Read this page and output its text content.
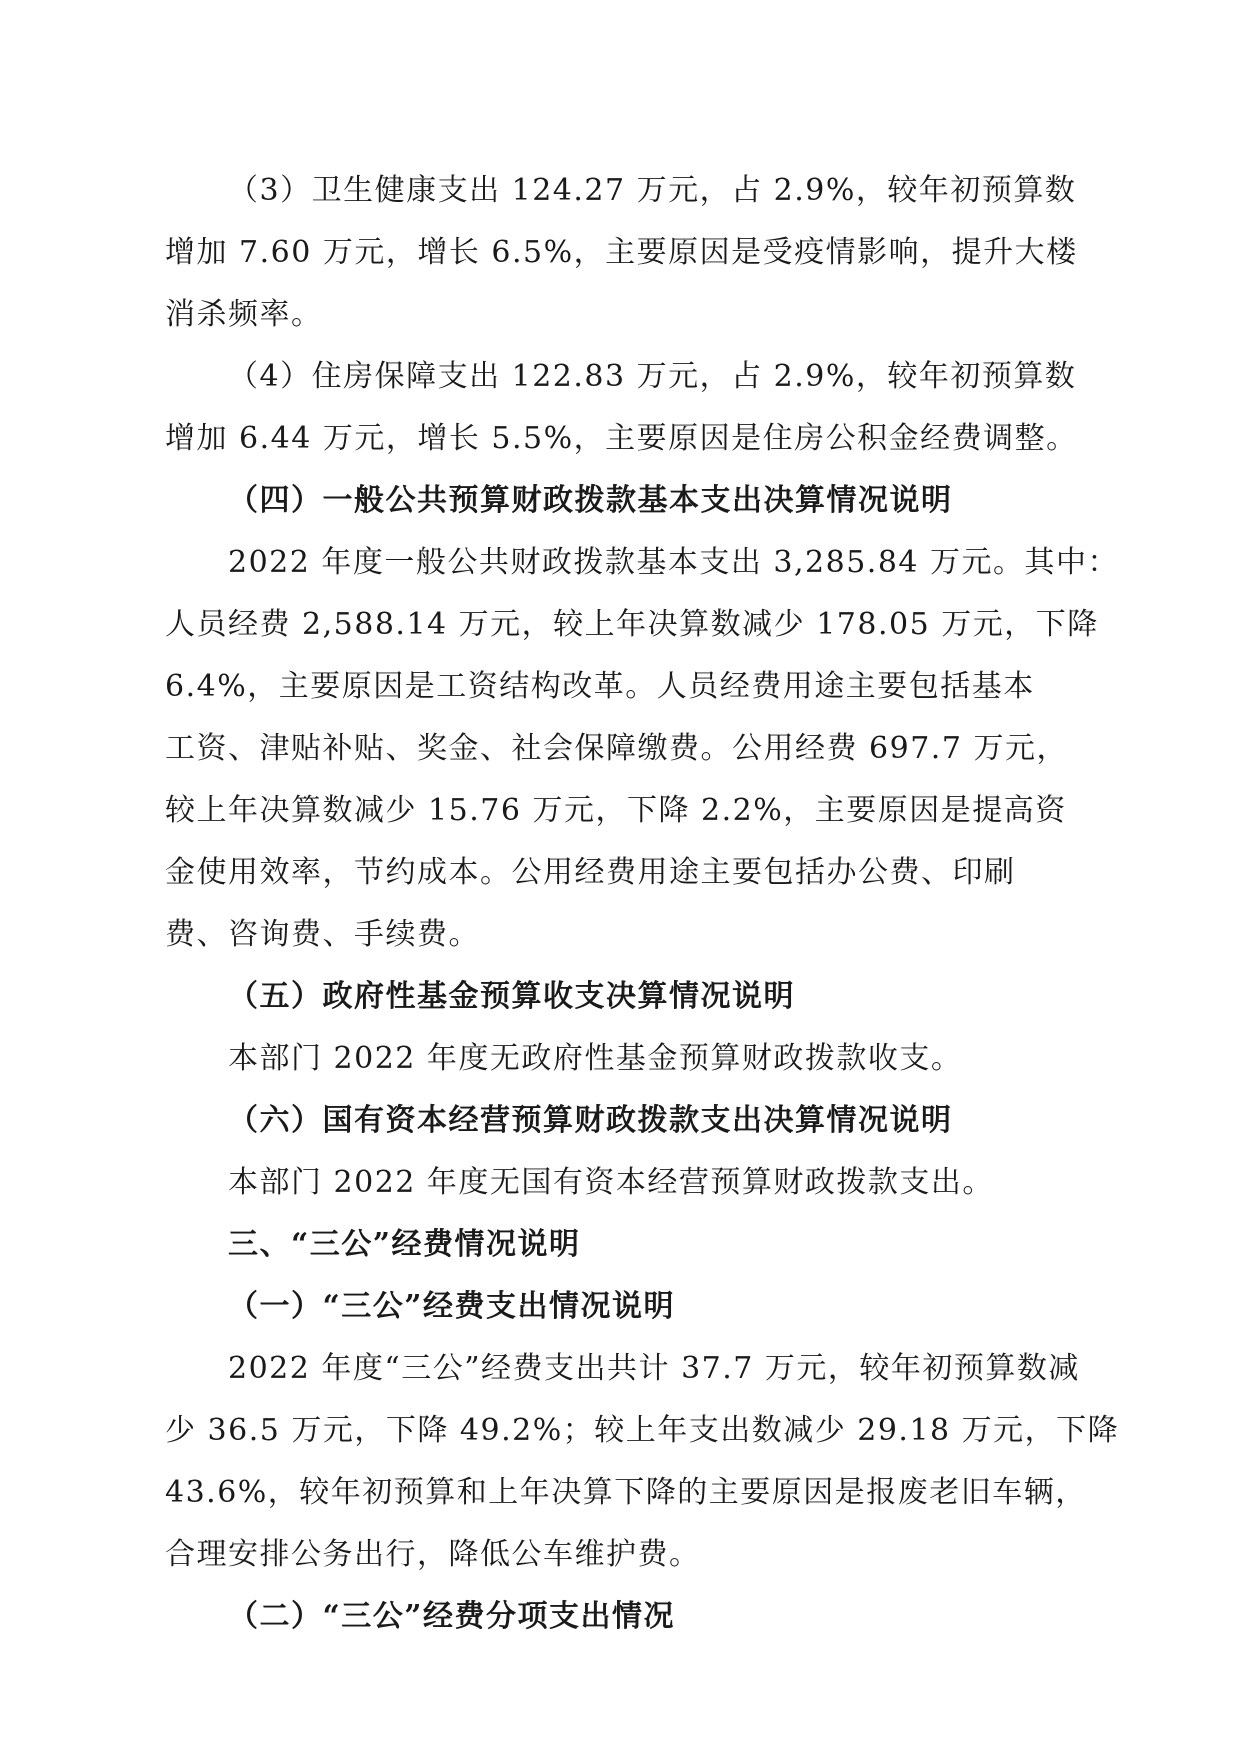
（3）卫生健康支出 124.27 万元，占 2.9%，较年初预算数
增加 7.60 万元，增长 6.5%，主要原因是受疫情影响，提升大楼
消杀频率。
（4）住房保障支出 122.83 万元，占 2.9%，较年初预算数
增加 6.44 万元，增长 5.5%，主要原因是住房公积金经费调整。
（四）一般公共预算财政拨款基本支出决算情况说明
2022 年度一般公共财政拨款基本支出 3,285.84 万元。其中：
人员经费 2,588.14 万元，较上年决算数减少 178.05 万元，下降
6.4%，主要原因是工资结构改革。人员经费用途主要包括基本
工资、津贴补贴、奖金、社会保障缴费。公用经费 697.7 万元，
较上年决算数减少 15.76 万元，下降 2.2%，主要原因是提高资
金使用效率，节约成本。公用经费用途主要包括办公费、印刷
费、咨询费、手续费。
（五）政府性基金预算收支决算情况说明
本部门 2022 年度无政府性基金预算财政拨款收支。
（六）国有资本经营预算财政拨款支出决算情况说明
本部门 2022 年度无国有资本经营预算财政拨款支出。
三、“三公”经费情况说明
（一）“三公”经费支出情况说明
2022 年度“三公”经费支出共计 37.7 万元，较年初预算数减
少 36.5 万元，下降 49.2%；较上年支出数减少 29.18 万元，下降
43.6%，较年初预算和上年决算下降的主要原因是报废老旧车辆，
合理安排公务出行，降低公车维护费。
（二）“三公”经费分项支出情况
